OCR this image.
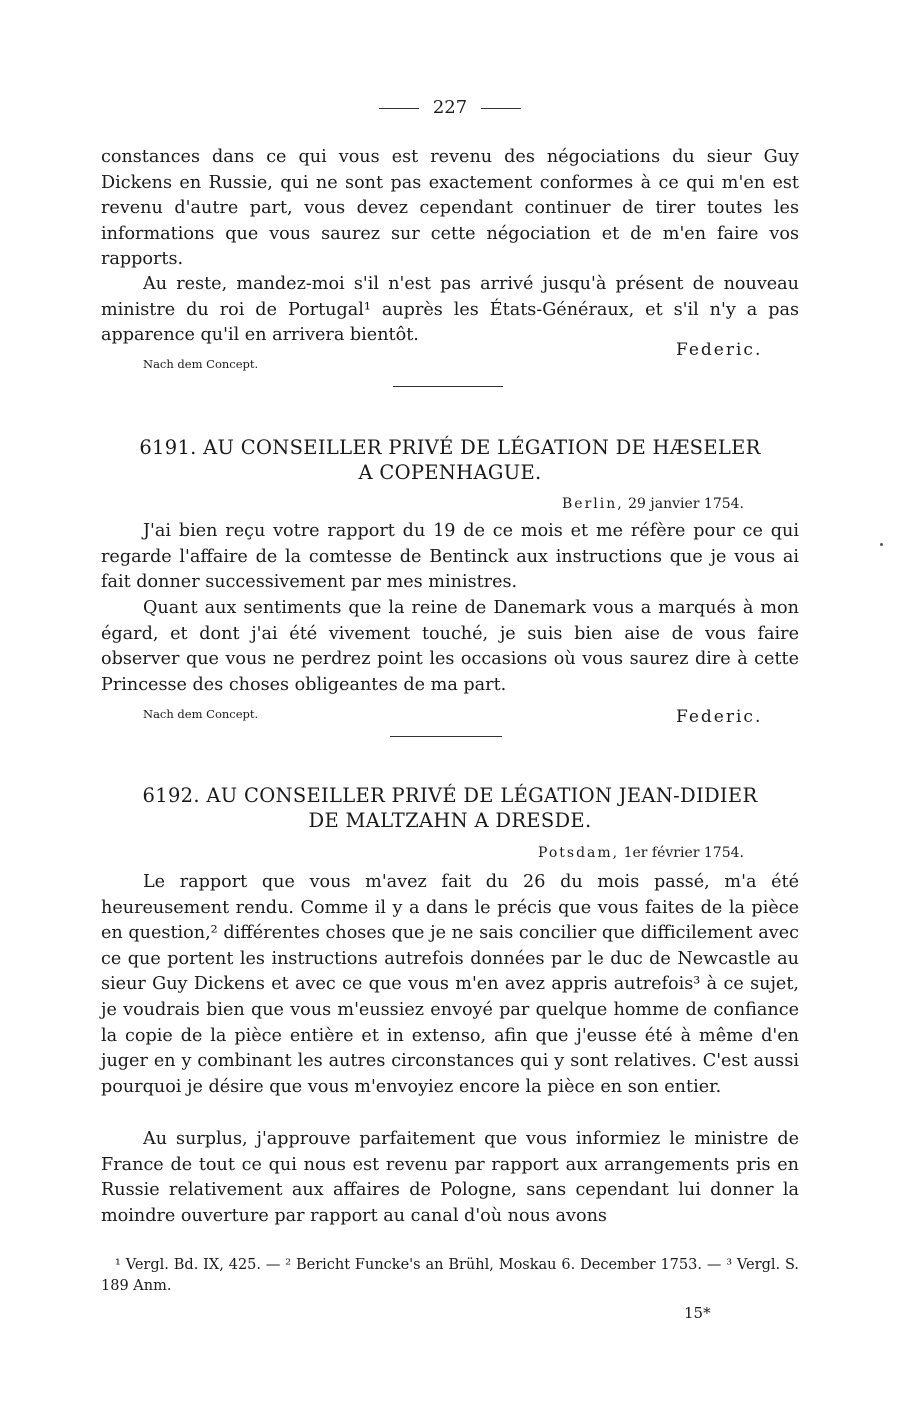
227
constances dans ce qui vous est revenu des négociations du sieur Guy Dickens en Russie, qui ne sont pas exactement conformes à ce qui m'en est revenu d'autre part, vous devez cependant continuer de tirer toutes les informations que vous saurez sur cette négociation et de m'en faire vos rapports.
Au reste, mandez-moi s'il n'est pas arrivé jusqu'à présent de nouveau ministre du roi de Portugal¹ auprès les États-Généraux, et s'il n'y a pas apparence qu'il en arrivera bientôt.
Nach dem Concept.
Federic.
6191. AU CONSEILLER PRIVÉ DE LÉGATION DE HÆSELER
A COPENHAGUE.
Berlin, 29 janvier 1754.
J'ai bien reçu votre rapport du 19 de ce mois et me réfère pour ce qui regarde l'affaire de la comtesse de Bentinck aux instructions que je vous ai fait donner successivement par mes ministres.
Quant aux sentiments que la reine de Danemark vous a marqués à mon égard, et dont j'ai été vivement touché, je suis bien aise de vous faire observer que vous ne perdrez point les occasions où vous saurez dire à cette Princesse des choses obligeantes de ma part.
Nach dem Concept.	Federic.
6192. AU CONSEILLER PRIVÉ DE LÉGATION JEAN-DIDIER
DE MALTZAHN A DRESDE.
Potsdam, 1er février 1754.
Le rapport que vous m'avez fait du 26 du mois passé, m'a été heureusement rendu. Comme il y a dans le précis que vous faites de la pièce en question,² différentes choses que je ne sais concilier que difficilement avec ce que portent les instructions autrefois données par le duc de Newcastle au sieur Guy Dickens et avec ce que vous m'en avez appris autrefois³ à ce sujet, je voudrais bien que vous m'eussiez envoyé par quelque homme de confiance la copie de la pièce entière et in extenso, afin que j'eusse été à même d'en juger en y combinant les autres circonstances qui y sont relatives. C'est aussi pourquoi je désire que vous m'envoyiez encore la pièce en son entier.
Au surplus, j'approuve parfaitement que vous informiez le ministre de France de tout ce qui nous est revenu par rapport aux arrangements pris en Russie relativement aux affaires de Pologne, sans cependant lui donner la moindre ouverture par rapport au canal d'où nous avons
¹ Vergl. Bd. IX, 425. — ² Bericht Funcke's an Brühl, Moskau 6. December 1753. — ³ Vergl. S. 189 Anm.
15*
